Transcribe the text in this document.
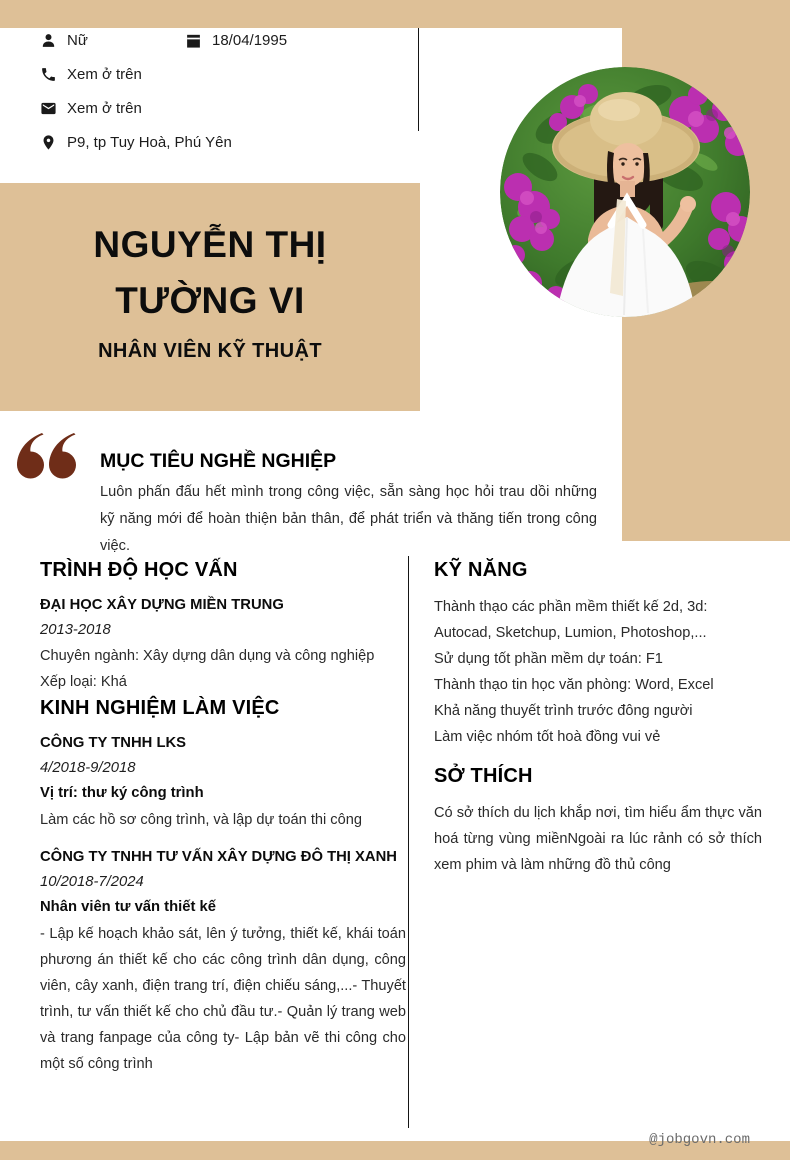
Nữ	18/04/1995
Xem ở trên
Xem ở trên
P9, tp Tuy Hoà, Phú Yên
NGUYỄN THỊ TƯỜNG VI
NHÂN VIÊN KỸ THUẬT
MỤC TIÊU NGHỀ NGHIỆP
Luôn phấn đấu hết mình trong công việc, sẵn sàng học hỏi trau dồi những kỹ năng mới để hoàn thiện bản thân, để phát triển và thăng tiến trong công việc.
TRÌNH ĐỘ HỌC VẤN
ĐẠI HỌC XÂY DỰNG MIỀN TRUNG
2013-2018
Chuyên ngành: Xây dựng dân dụng và công nghiệp
Xếp loại: Khá
KINH NGHIỆM LÀM VIỆC
CÔNG TY TNHH LKS
4/2018-9/2018
Vị trí: thư ký công trình
Làm các hồ sơ công trình, và lập dự toán thi công
CÔNG TY TNHH TƯ VẤN XÂY DỰNG ĐÔ THỊ XANH
10/2018-7/2024
Nhân viên tư vấn thiết kế
- Lập kế hoạch khảo sát, lên ý tưởng, thiết kế, khái toán phương án thiết kế cho các công trình dân dụng, công viên, cây xanh, điện trang trí, điện chiếu sáng,...- Thuyết trình, tư vấn thiết kế cho chủ đầu tư.- Quản lý trang web và trang fanpage của công ty- Lập bản vẽ thi công cho một số công trình
KỸ NĂNG
Thành thạo các phần mềm thiết kế 2d, 3d:
Autocad, Sketchup, Lumion, Photoshop,...
Sử dụng tốt phần mềm dự toán: F1
Thành thạo tin học văn phòng: Word, Excel
Khả năng thuyết trình trước đông người
Làm việc nhóm tốt hoà đồng vui vẻ
SỞ THÍCH
Có sở thích du lịch khắp nơi, tìm hiểu ẩm thực văn hoá từng vùng miềnNgoài ra lúc rảnh có sở thích xem phim và làm những đồ thủ công
@jobgovn.com
